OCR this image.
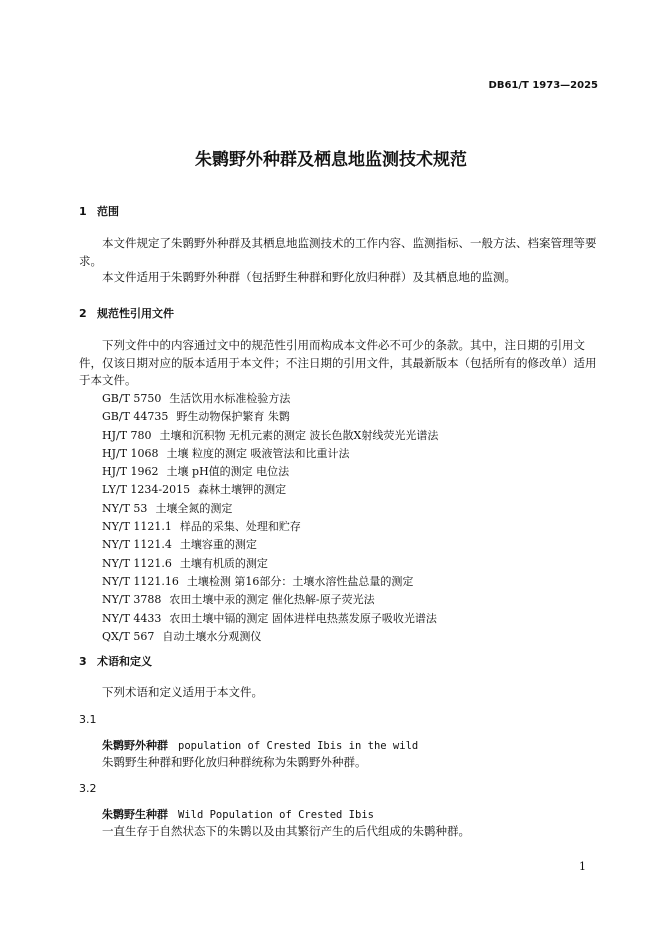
DB61/T 1973—2025
朱鹮野外种群及栖息地监测技术规范
1 范围
本文件规定了朱鹮野外种群及其栖息地监测技术的工作内容、监测指标、一般方法、档案管理等要求。
本文件适用于朱鹮野外种群（包括野生种群和野化放归种群）及其栖息地的监测。
2 规范性引用文件
下列文件中的内容通过文中的规范性引用而构成本文件必不可少的条款。其中，注日期的引用文件，仅该日期对应的版本适用于本文件；不注日期的引用文件，其最新版本（包括所有的修改单）适用于本文件。
GB/T 5750 生活饮用水标准检验方法
GB/T 44735 野生动物保护繁育 朱鹮
HJ/T 780 土壤和沉积物 无机元素的测定 波长色散X射线荧光光谱法
HJ/T 1068 土壤 粒度的测定 吸液管法和比重计法
HJ/T 1962 土壤 pH值的测定 电位法
LY/T 1234-2015 森林土壤钾的测定
NY/T 53 土壤全氮的测定
NY/T 1121.1 样品的采集、处理和贮存
NY/T 1121.4 土壤容重的测定
NY/T 1121.6 土壤有机质的测定
NY/T 1121.16 土壤检测 第16部分：土壤水溶性盐总量的测定
NY/T 3788 农田土壤中汞的测定 催化热解-原子荧光法
NY/T 4433 农田土壤中镉的测定 固体进样电热蒸发原子吸收光谱法
QX/T 567 自动土壤水分观测仪
3 术语和定义
下列术语和定义适用于本文件。
3.1
朱鹮野外种群 population of Crested Ibis in the wild
朱鹮野生种群和野化放归种群统称为朱鹮野外种群。
3.2
朱鹮野生种群 Wild Population of Crested Ibis
一直生存于自然状态下的朱鹮以及由其繁衍产生的后代组成的朱鹮种群。
1
